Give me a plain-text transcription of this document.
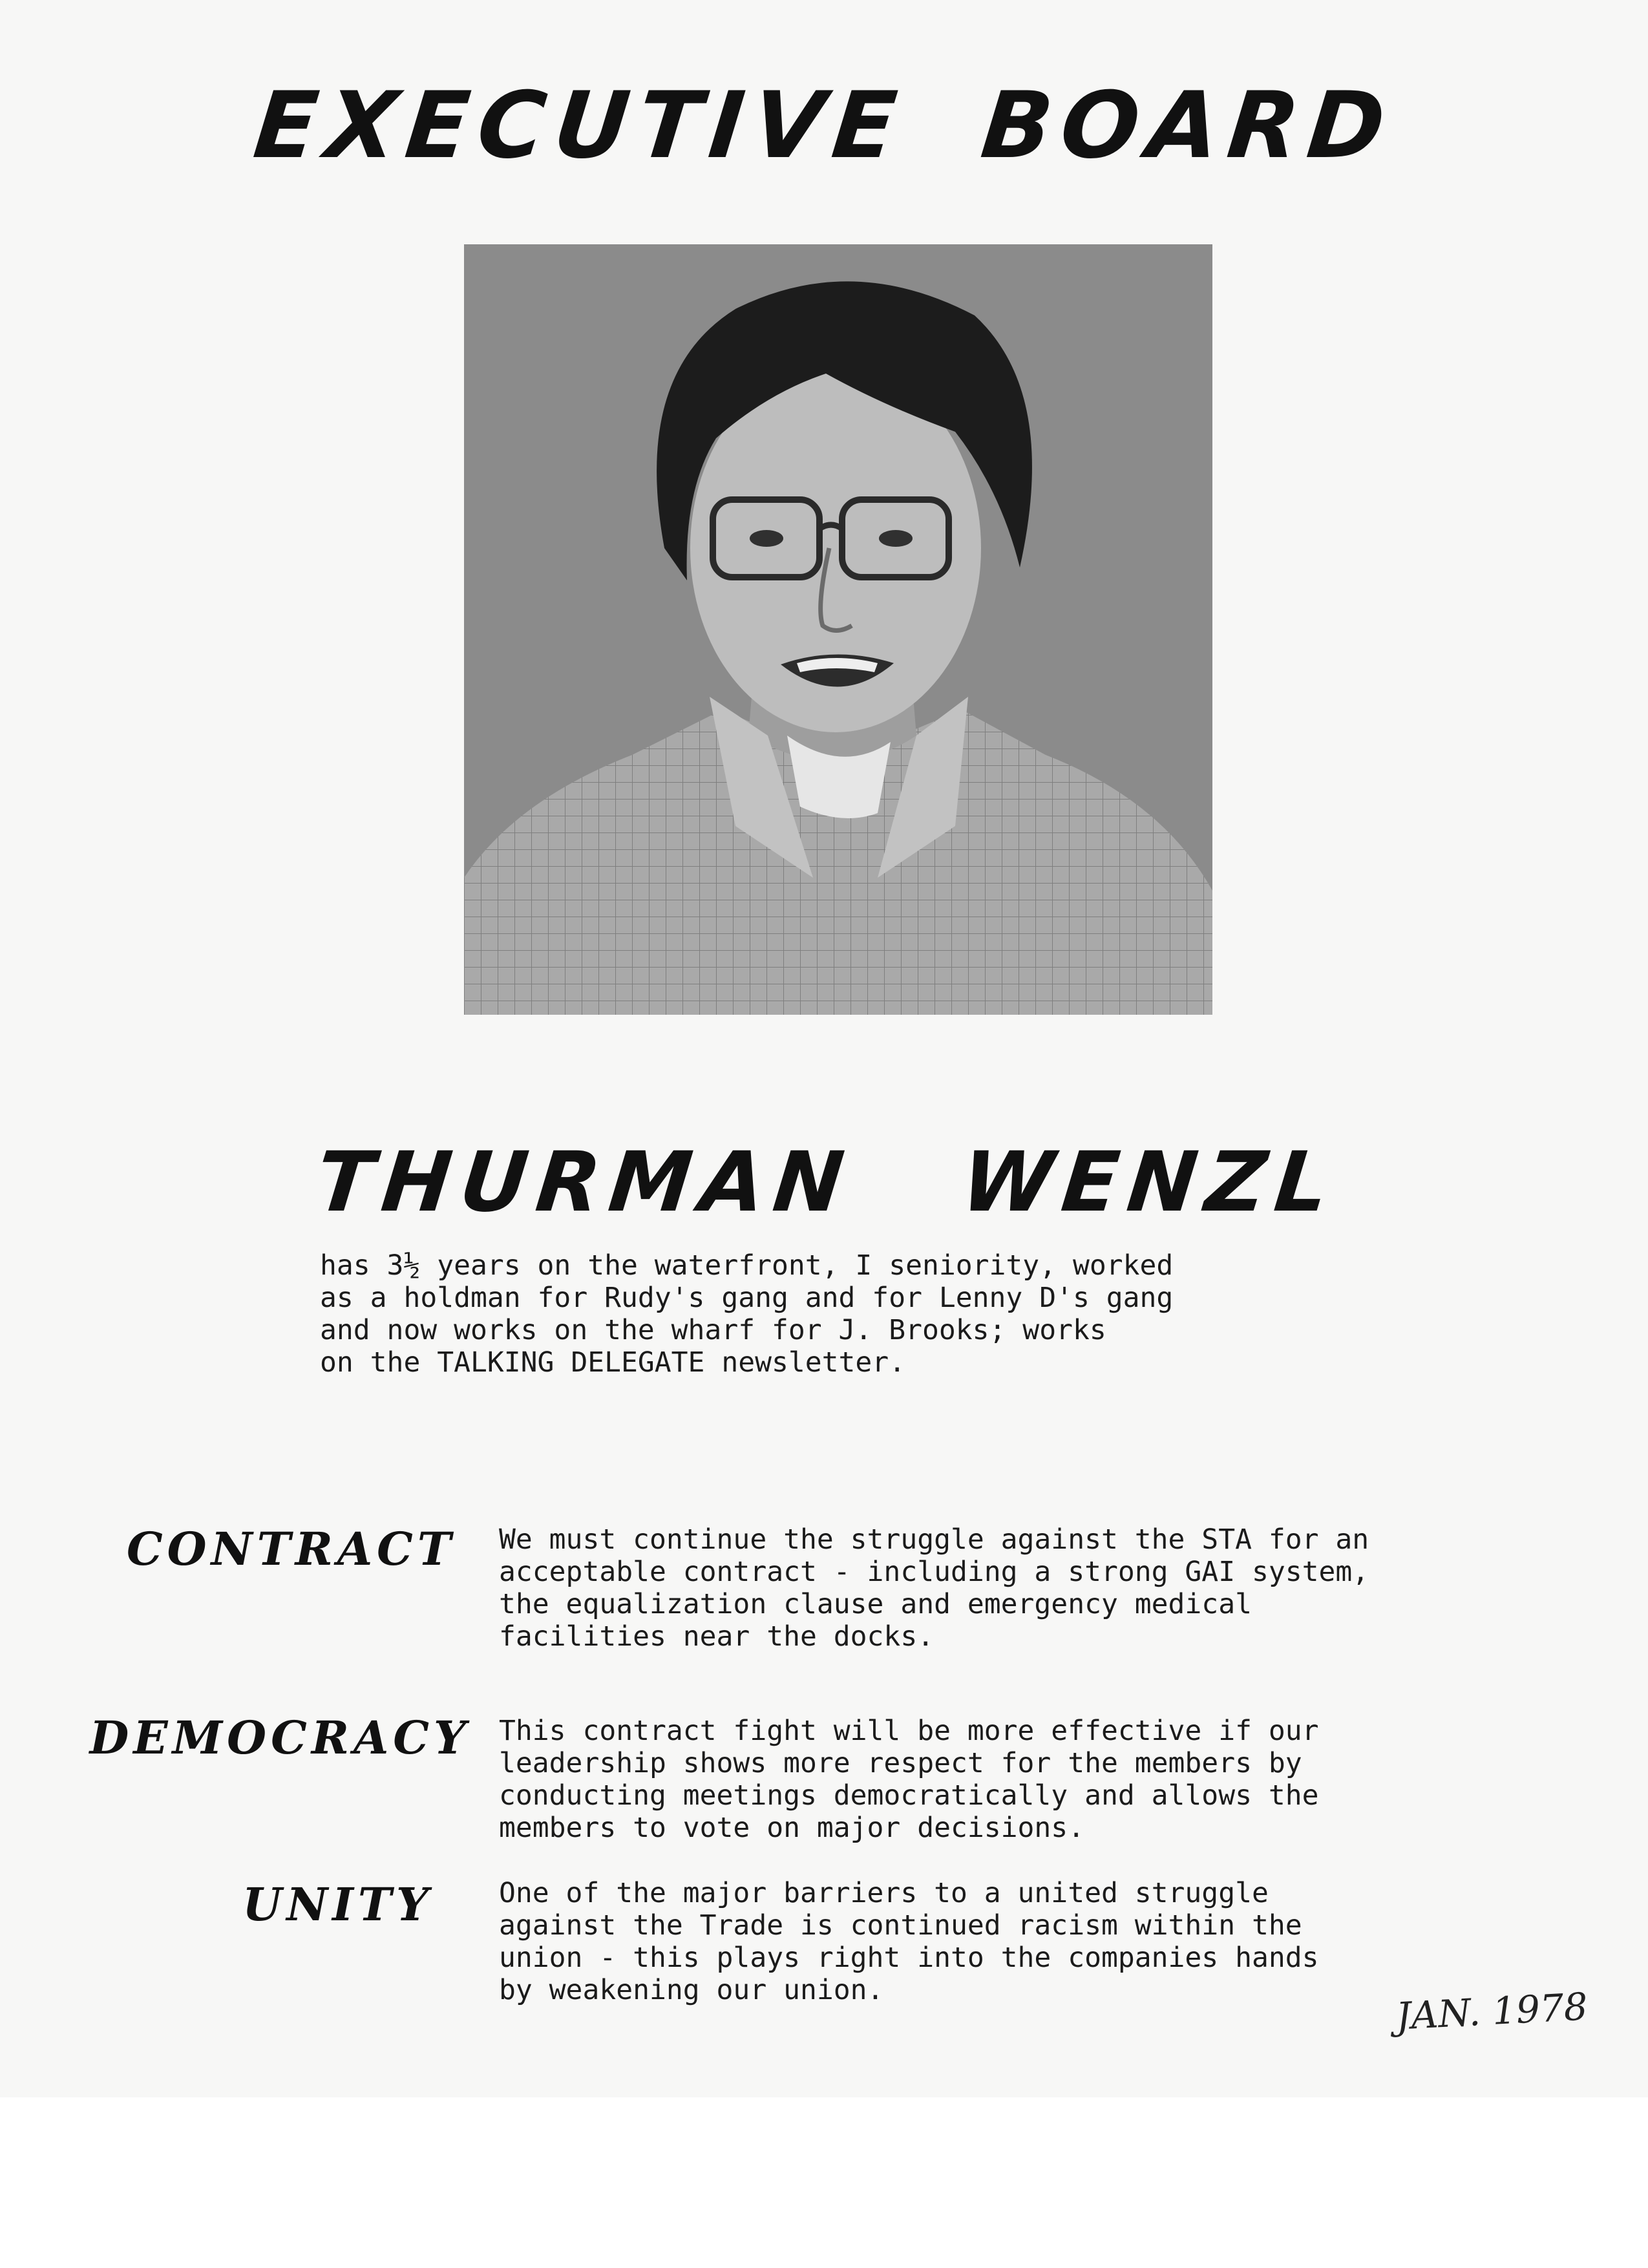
EXECUTIVE BOARD
THURMAN WENZL

has 3½ years on the waterfront, I seniority, worked
as a holdman for Rudy's gang and for Lenny D's gang
and now works on the wharf for J. Brooks; works
on the TALKING DELEGATE newsletter.

CONTRACT We must continue the struggle against the STA for an
acceptable contract - including a strong GAI system,
the equalization clause and emergency medical
facilities near the docks.

DEMOCRACY This contract fight will be more effective if our
leadership shows more respect for the members by
conducting meetings democratically and allows the
members to vote on major decisions.

UNITY One of the major barriers to a united struggle
against the Trade is continued racism within the
union - this plays right into the companies hands
by weakening our union.	JAN. 1978
